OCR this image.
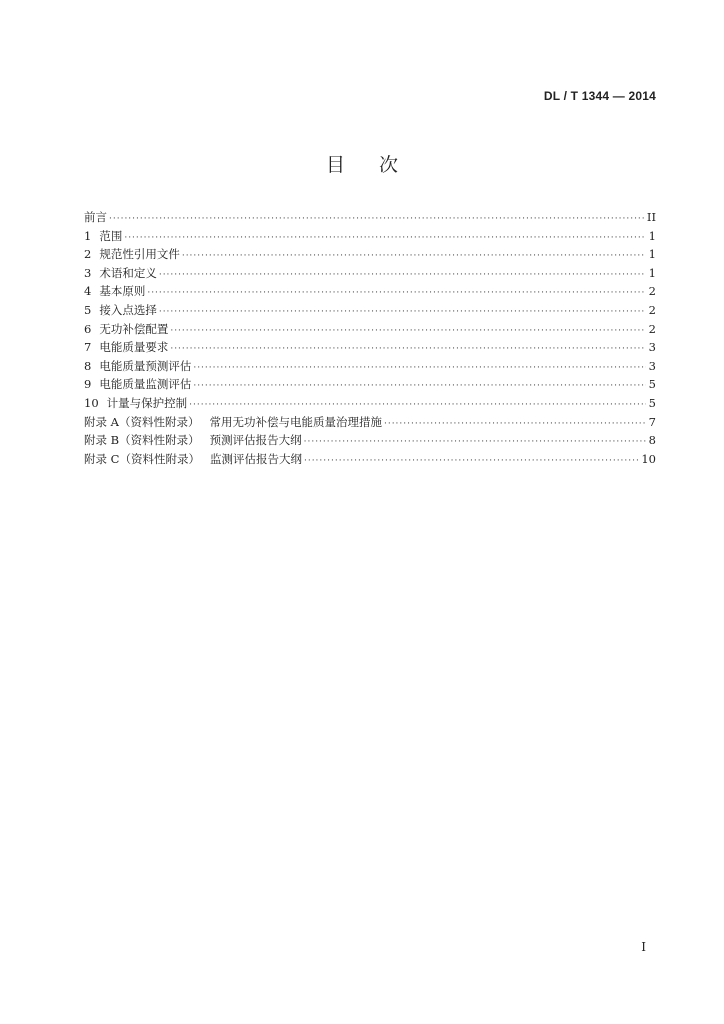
DL / T 1344 — 2014
目次
前言 ·····	II
1 范围 ·····	1
2 规范性引用文件 ·····	1
3 术语和定义 ·····	1
4 基本原则 ·····	2
5 接入点选择 ·····	2
6 无功补偿配置 ·····	2
7 电能质量要求 ·····	3
8 电能质量预测评估 ·····	3
9 电能质量监测评估 ·····	5
10 计量与保护控制 ·····	5
附录 A（资料性附录） 常用无功补偿与电能质量治理措施 ·····	7
附录 B（资料性附录） 预测评估报告大纲 ·····	8
附录 C（资料性附录） 监测评估报告大纲 ·····	10
I
